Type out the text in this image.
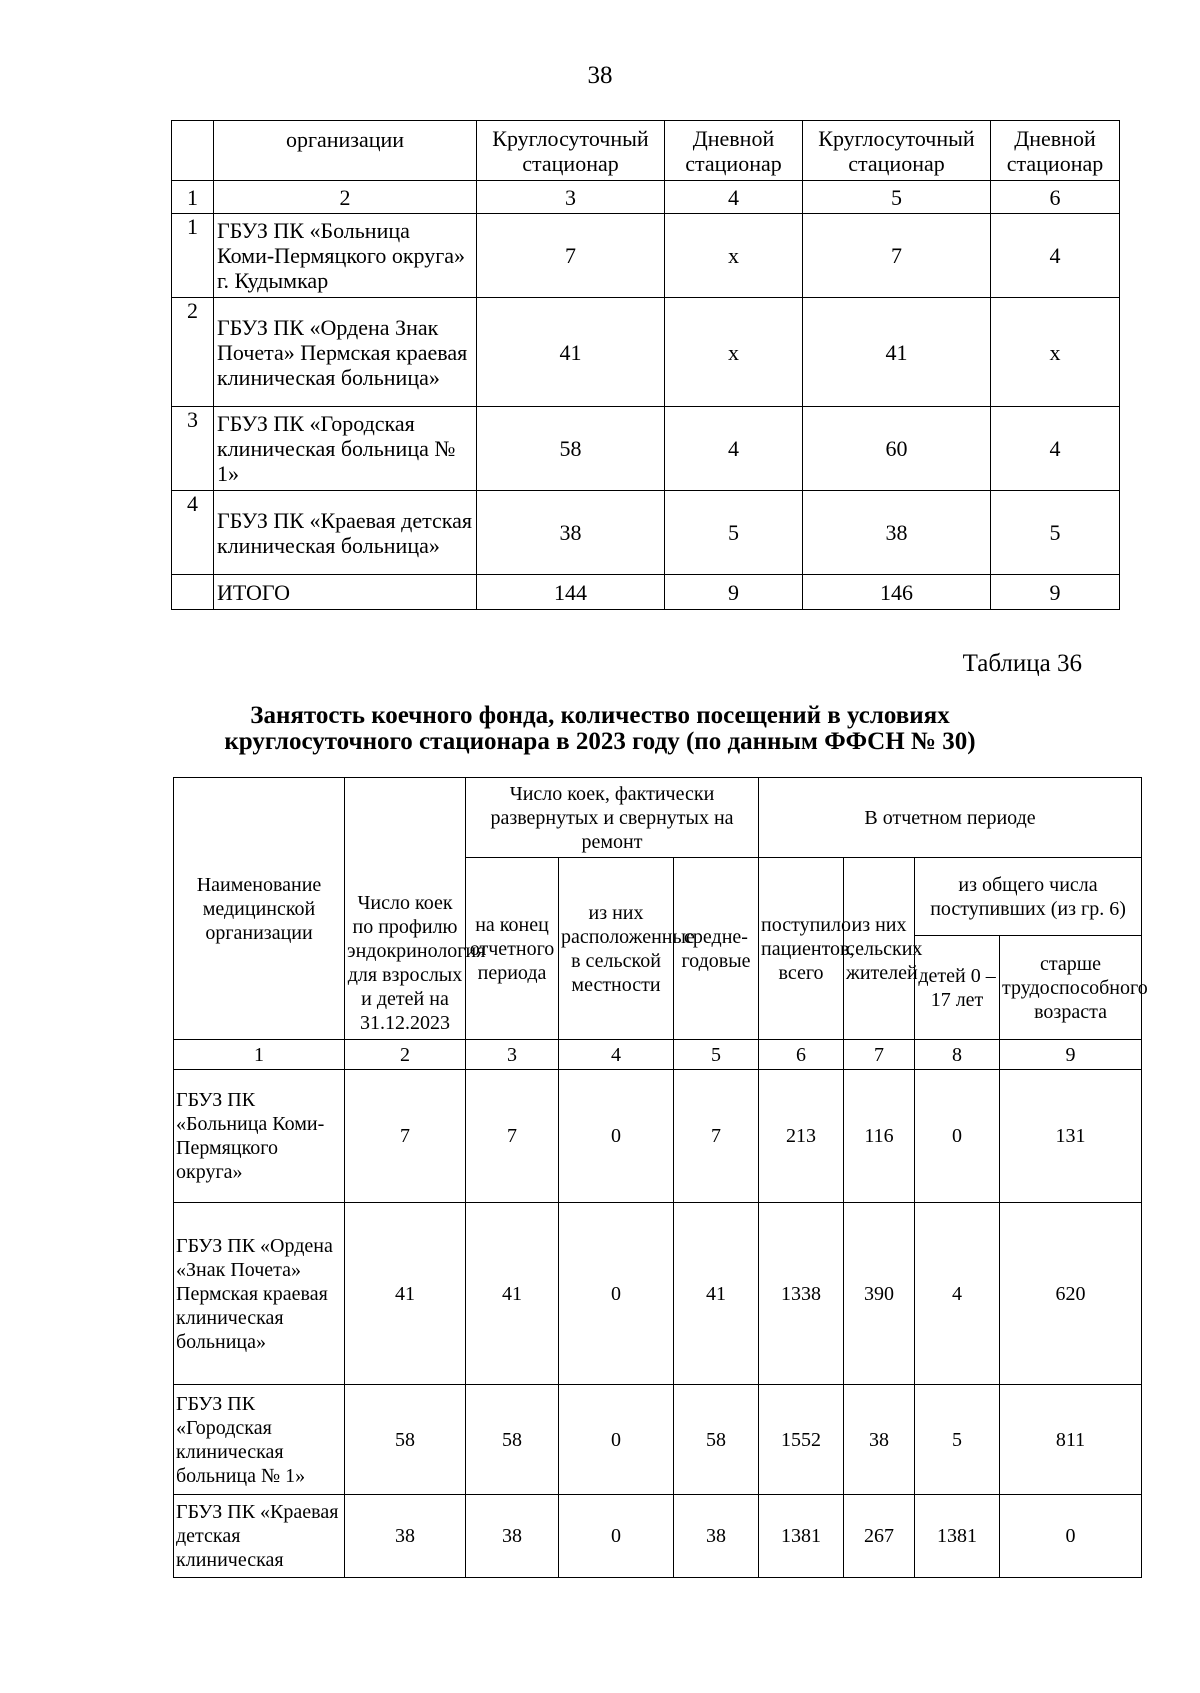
38
	организации	Круглосуточный стационар	Дневной стационар	Круглосуточный стационар	Дневной стационар
1	2	3	4	5	6
1	ГБУЗ ПК «Больница Коми-Пермяцкого округа» г. Кудымкар	7	х	7	4
2	ГБУЗ ПК «Ордена Знак Почета» Пермская краевая клиническая больница»	41	х	41	х
3	ГБУЗ ПК «Городская клиническая больница № 1»	58	4	60	4
4	ГБУЗ ПК «Краевая детская клиническая больница»	38	5	38	5
	ИТОГО	144	9	146	9
Таблица 36
Занятость коечного фонда, количество посещений в условиях
круглосуточного стационара в 2023 году (по данным ФФСН № 30)
Наименование медицинской организации	Число коек по профилю эндокринология для взрослых и детей на 31.12.2023	Число коек, фактически развернутых и свернутых на ремонт			В отчетном периоде			
		на конец отчетного периода	из них расположенные в сельской местности	средне-годовые	поступило пациентов, всего	из них сельских жителей	из общего числа поступивших (из гр. 6)	
							детей 0 – 17 лет	старше трудоспособного возраста
1	2	3	4	5	6	7	8	9
ГБУЗ ПК «Больница Коми-Пермяцкого округа»	7	7	0	7	213	116	0	131
ГБУЗ ПК «Ордена «Знак Почета» Пермская краевая клиническая больница»	41	41	0	41	1338	390	4	620
ГБУЗ ПК «Городская клиническая больница № 1»	58	58	0	58	1552	38	5	811
ГБУЗ ПК «Краевая детская клиническая	38	38	0	38	1381	267	1381	0
